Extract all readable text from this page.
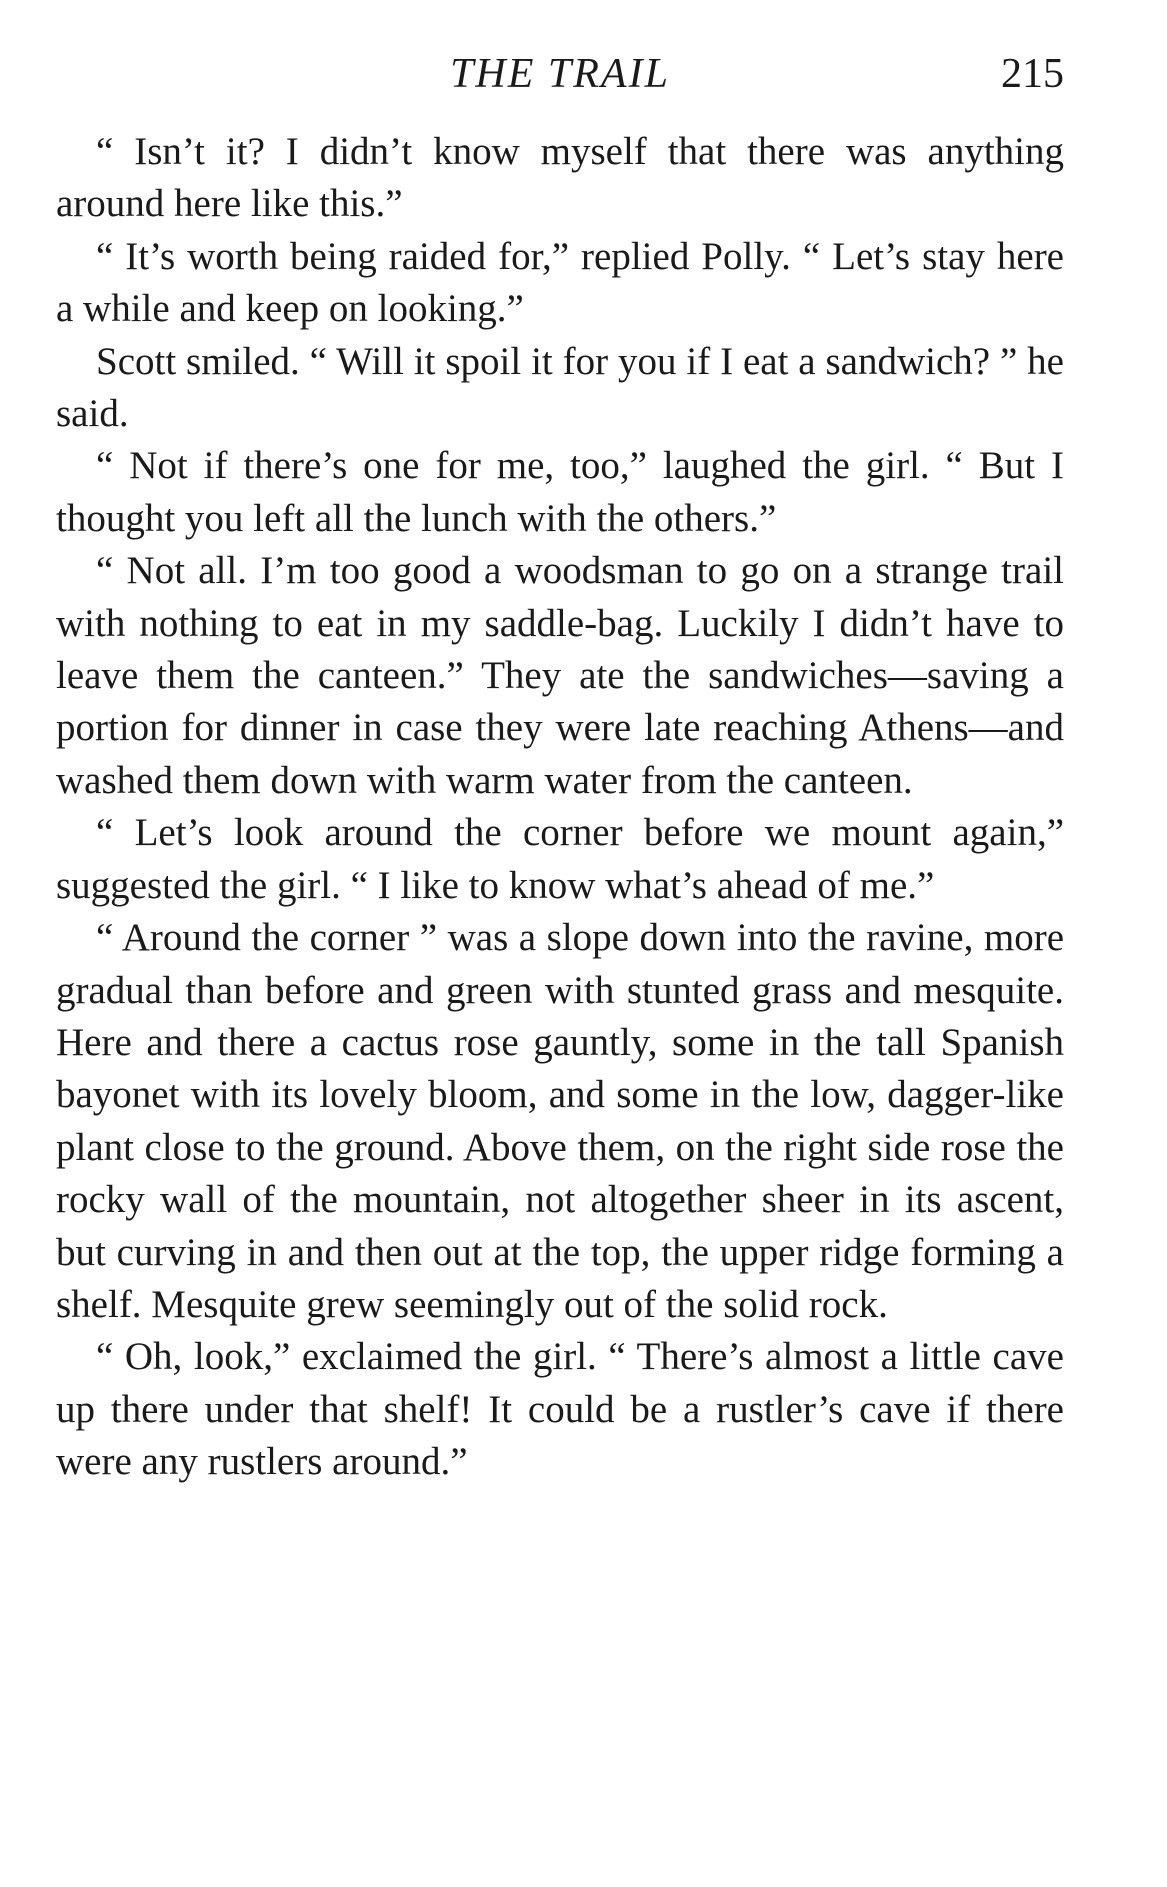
THE TRAIL	215

“ Isn’t it? I didn’t know myself that there was anything around here like this.”

“ It’s worth being raided for,” replied Polly. “ Let’s stay here a while and keep on looking.”

Scott smiled. “ Will it spoil it for you if I eat a sandwich? ” he said.

“ Not if there’s one for me, too,” laughed the girl. “ But I thought you left all the lunch with the others.”

“ Not all. I’m too good a woodsman to go on a strange trail with nothing to eat in my saddle-bag. Luckily I didn’t have to leave them the canteen.” They ate the sandwiches—saving a portion for dinner in case they were late reaching Athens—and washed them down with warm water from the canteen.

“ Let’s look around the corner before we mount again,” suggested the girl. “ I like to know what’s ahead of me.”

“ Around the corner ” was a slope down into the ravine, more gradual than before and green with stunted grass and mesquite. Here and there a cactus rose gauntly, some in the tall Spanish bayonet with its lovely bloom, and some in the low, dagger-like plant close to the ground. Above them, on the right side rose the rocky wall of the mountain, not altogether sheer in its ascent, but curving in and then out at the top, the upper ridge forming a shelf. Mesquite grew seemingly out of the solid rock.

“ Oh, look,” exclaimed the girl. “ There’s almost a little cave up there under that shelf! It could be a rustler’s cave if there were any rustlers around.”
